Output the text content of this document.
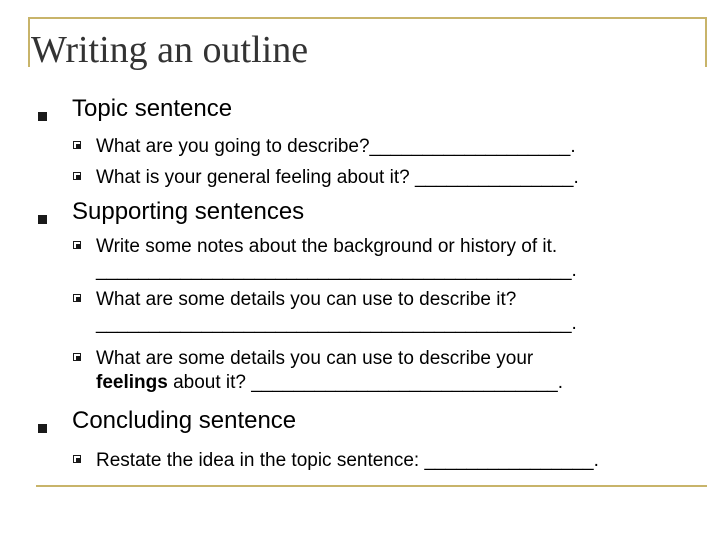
Writing an outline
Topic sentence
What are you going to describe?___________________.
What is your general feeling about it? _______________.
Supporting sentences
Write some notes about the background or history of it.
_____________________________________________.
What are some details you can use to describe it?
_____________________________________________.
What are some details you can use to describe your
feelings about it? _____________________________.
Concluding sentence
Restate the idea in the topic sentence: ________________.
